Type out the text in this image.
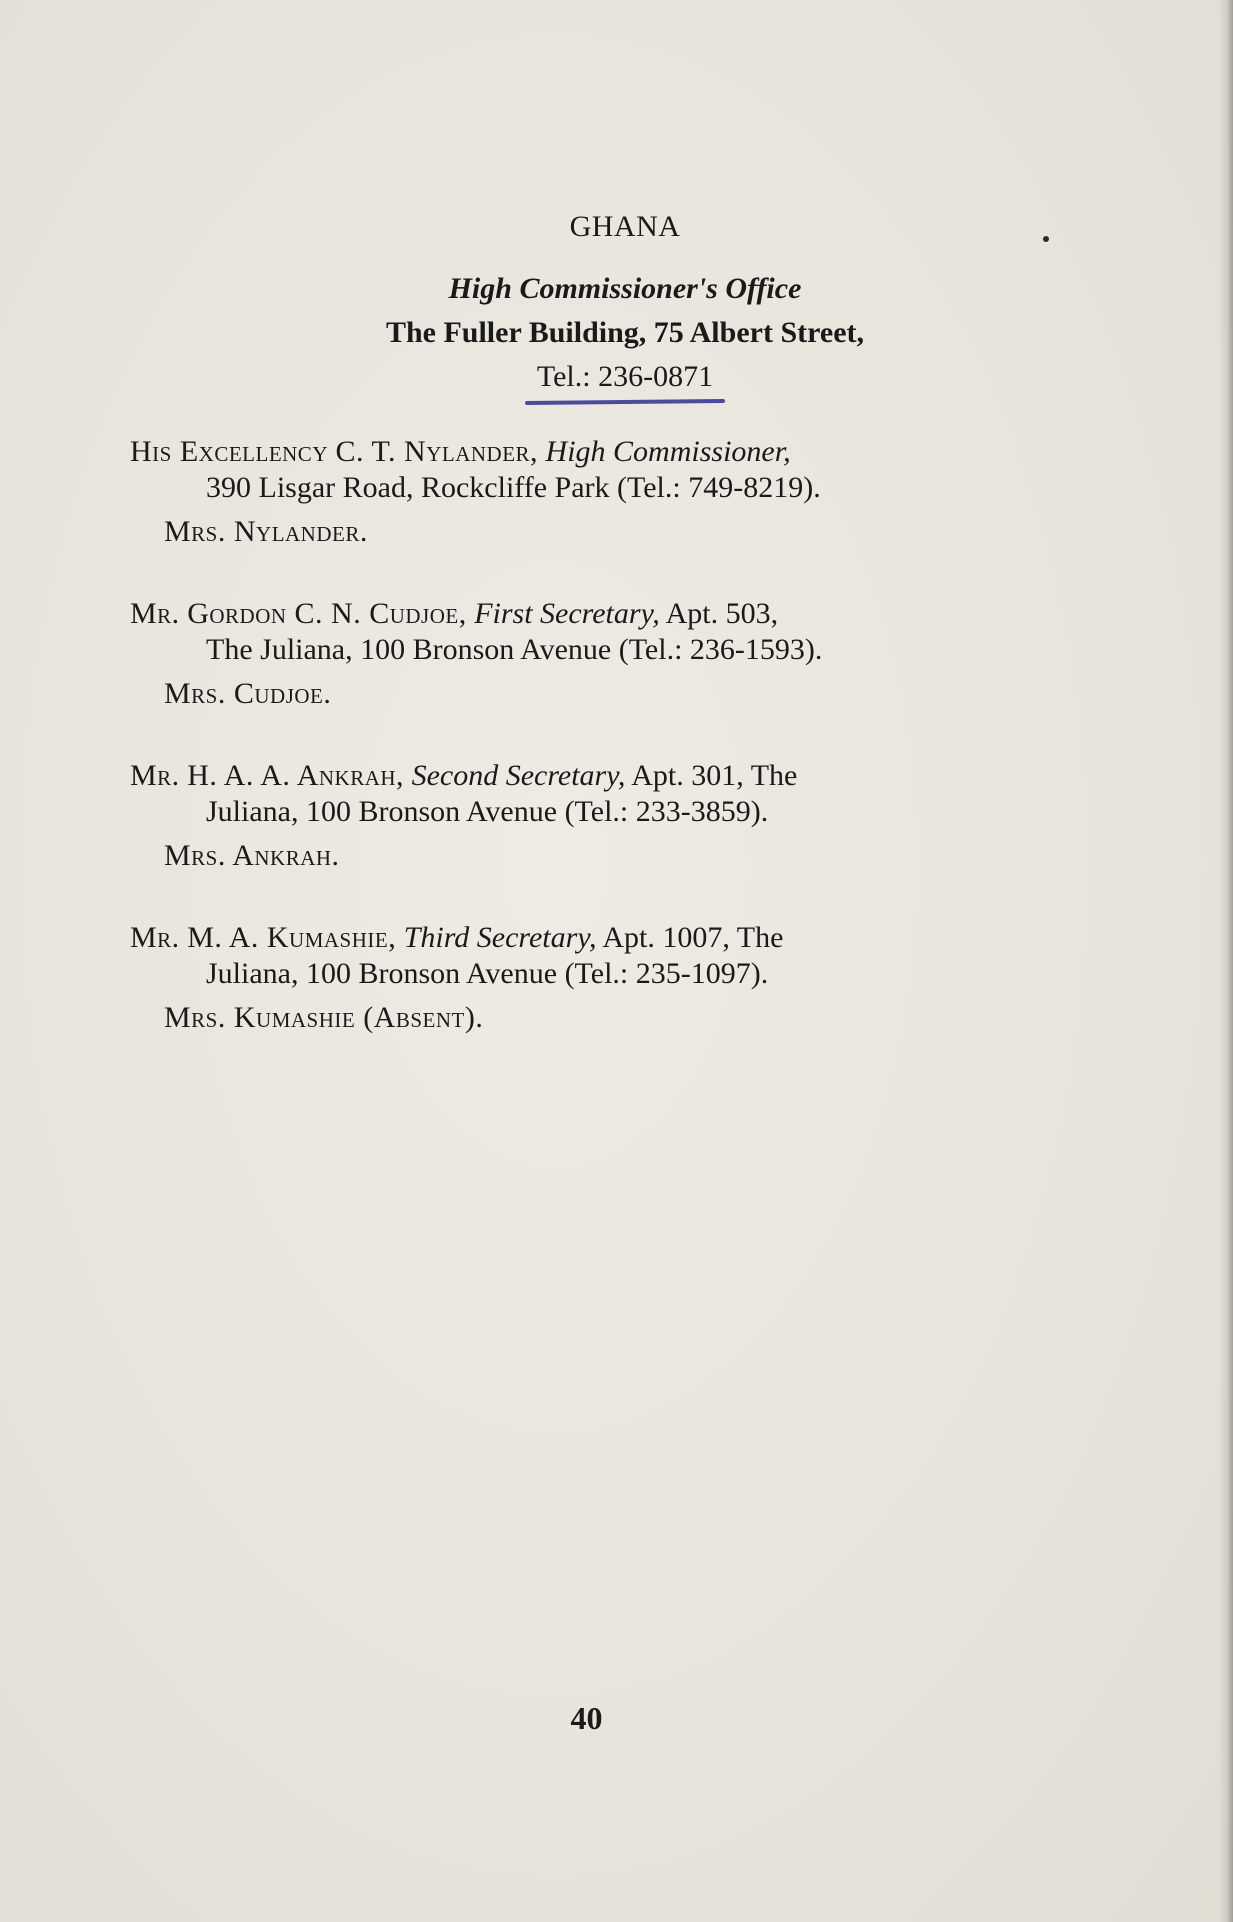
GHANA
High Commissioner's Office
The Fuller Building, 75 Albert Street,
Tel.: 236-0871

His Excellency C. T. Nylander, High Commissioner,

390 Lisgar Road, Rockcliffe Park (Tel.: 749-8219).

Mrs. Nylander.

Mr. Gordon C. N. Cudjoe, First Secretary, Apt. 503,

The Juliana, 100 Bronson Avenue (Tel.: 236-1593).

Mrs. Cudjoe.

Mr. H. A. A. Ankrah, Second Secretary, Apt. 301, The

Juliana, 100 Bronson Avenue (Tel.: 233-3859).

Mrs. Ankrah.

Mr. M. A. Kumashie, Third Secretary, Apt. 1007, The

Juliana, 100 Bronson Avenue (Tel.: 235-1097).

Mrs. Kumashie (Absent).

40
